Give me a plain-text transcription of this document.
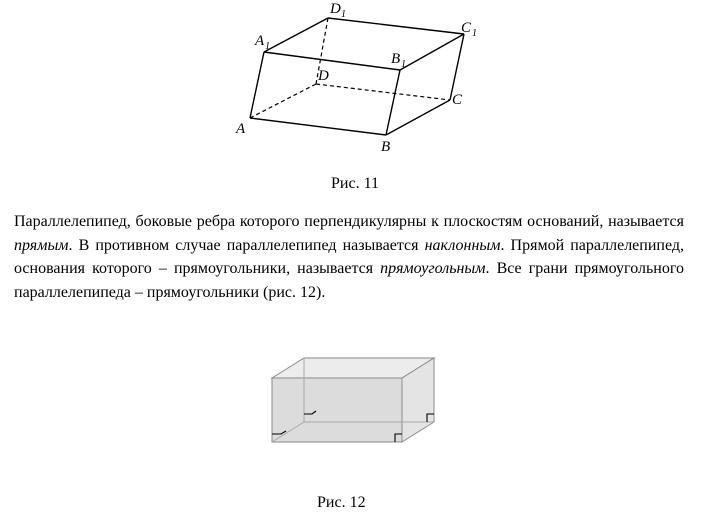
A
B
C
D
A 1
B 1
C 1
D 1
Рис. 11

Параллелепипед, боковые ребра которого перпендикулярны к плоскостям оснований, называется прямым. В противном случае параллелепипед называется наклонным. Прямой параллелепипед, основания которого – прямоугольники, называется прямоугольным. Все грани прямоугольного параллелепипеда – прямоугольники (рис. 12).

Рис. 12
